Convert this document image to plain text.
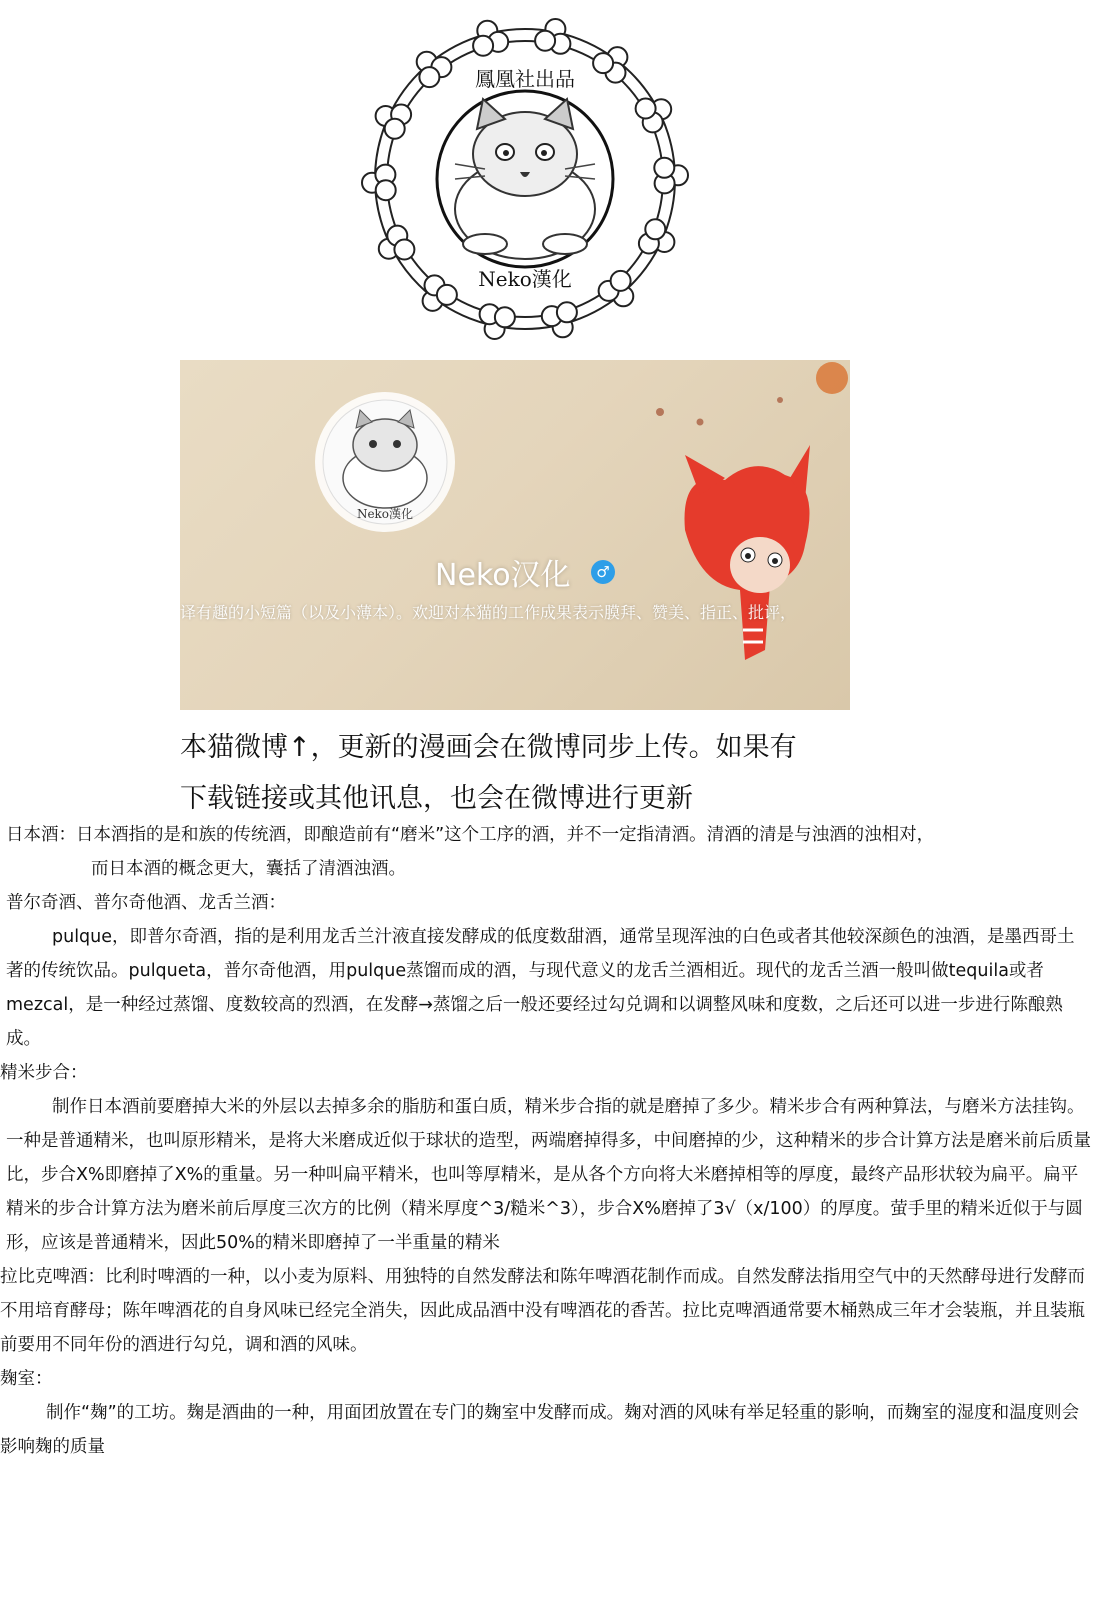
鳳凰社出品
Neko漢化
Neko漢化
Neko汉化	♂
译有趣的小短篇（以及小薄本）。欢迎对本猫的工作成果表示膜拜、赞美、指正、批评，
本猫微博↑，更新的漫画会在微博同步上传。如果有
下载链接或其他讯息，也会在微博进行更新

日本酒：日本酒指的是和族的传统酒，即酿造前有“磨米”这个工序的酒，并不一定指清酒。清酒的清是与浊酒的浊相对，

而日本酒的概念更大，囊括了清酒浊酒。

普尔奇酒、普尔奇他酒、龙舌兰酒：

pulque，即普尔奇酒，指的是利用龙舌兰汁液直接发酵成的低度数甜酒，通常呈现浑浊的白色或者其他较深颜色的浊酒，是墨西哥土著的传统饮品。pulqueta，普尔奇他酒，用pulque蒸馏而成的酒，与现代意义的龙舌兰酒相近。现代的龙舌兰酒一般叫做tequila或者mezcal，是一种经过蒸馏、度数较高的烈酒，在发酵→蒸馏之后一般还要经过勾兑调和以调整风味和度数，之后还可以进一步进行陈酿熟成。

精米步合：

制作日本酒前要磨掉大米的外层以去掉多余的脂肪和蛋白质，精米步合指的就是磨掉了多少。精米步合有两种算法，与磨米方法挂钩。一种是普通精米，也叫原形精米，是将大米磨成近似于球状的造型，两端磨掉得多，中间磨掉的少，这种精米的步合计算方法是磨米前后质量比，步合X%即磨掉了X%的重量。另一种叫扁平精米，也叫等厚精米，是从各个方向将大米磨掉相等的厚度，最终产品形状较为扁平。扁平精米的步合计算方法为磨米前后厚度三次方的比例（精米厚度^3/糙米^3），步合X%磨掉了3√（x/100）的厚度。萤手里的精米近似于与圆形，应该是普通精米，因此50%的精米即磨掉了一半重量的精米

拉比克啤酒：比利时啤酒的一种，以小麦为原料、用独特的自然发酵法和陈年啤酒花制作而成。自然发酵法指用空气中的天然酵母进行发酵而不用培育酵母；陈年啤酒花的自身风味已经完全消失，因此成品酒中没有啤酒花的香苦。拉比克啤酒通常要木桶熟成三年才会装瓶，并且装瓶前要用不同年份的酒进行勾兑，调和酒的风味。

麹室：

制作“麹”的工坊。麹是酒曲的一种，用面团放置在专门的麹室中发酵而成。麹对酒的风味有举足轻重的影响，而麹室的湿度和温度则会影响麹的质量
